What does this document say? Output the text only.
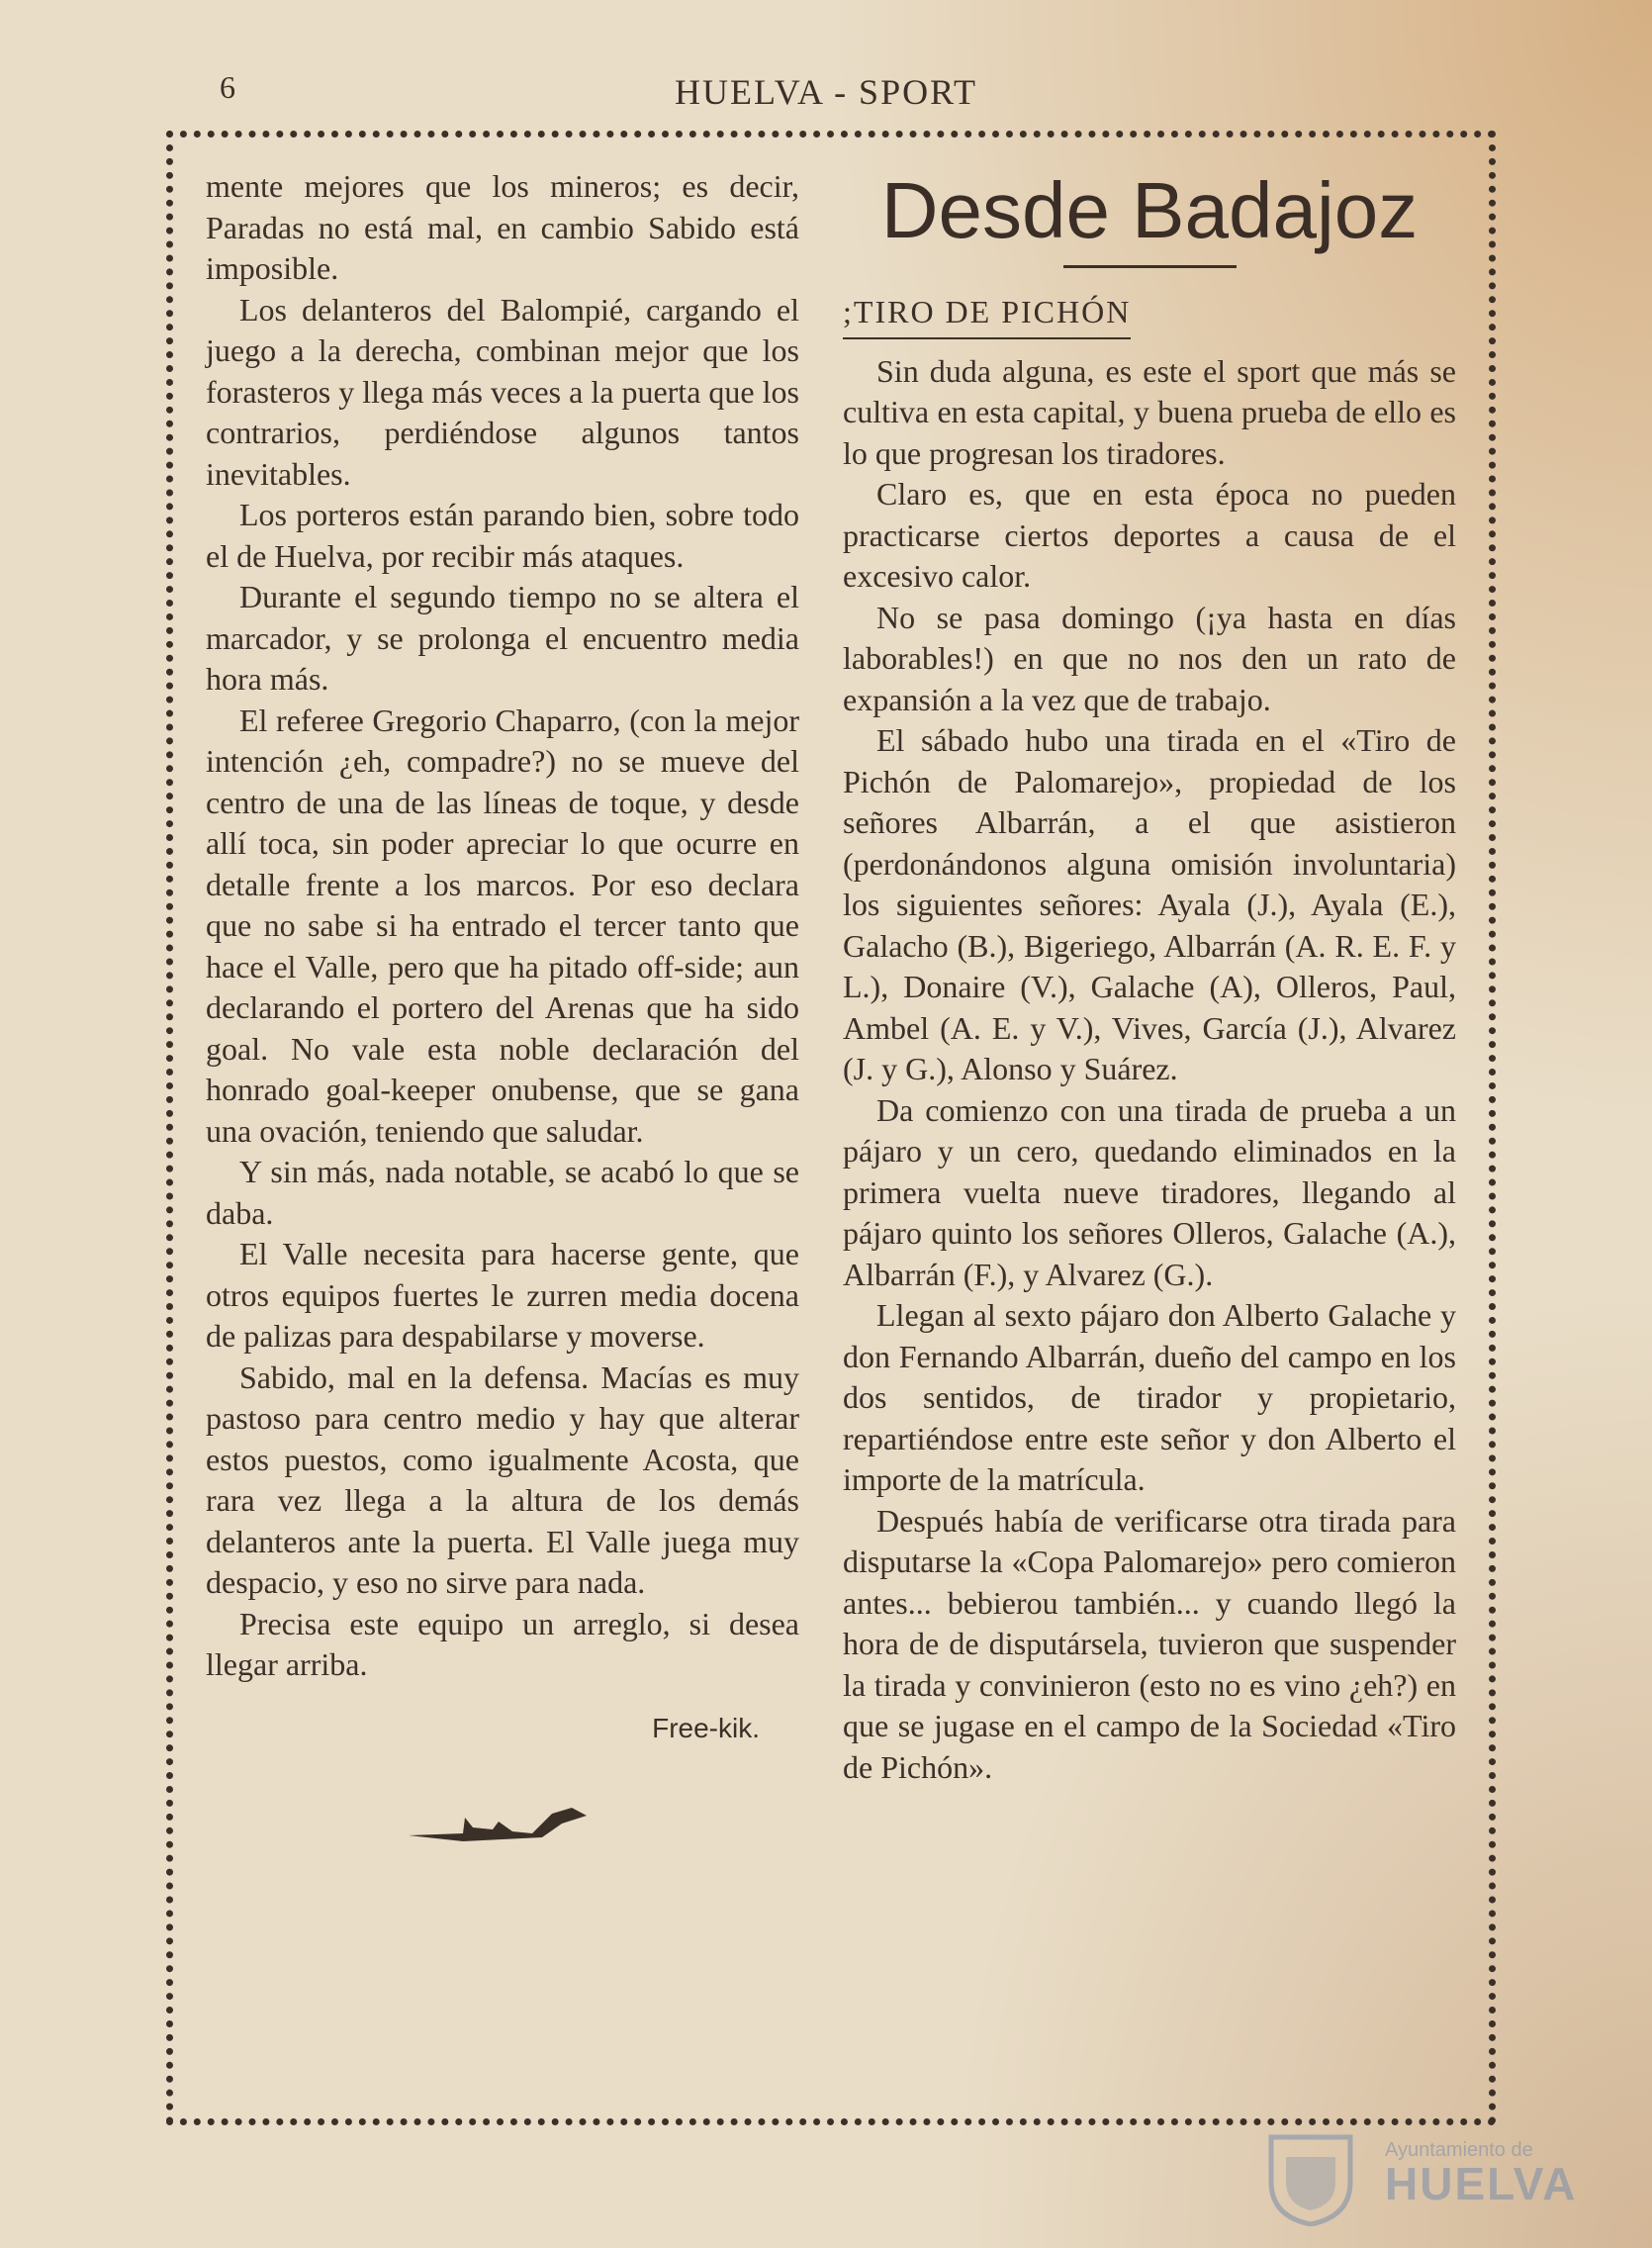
6	HUELVA - SPORT

mente mejores que los mineros; es decir, Paradas no está mal, en cambio Sabido está imposible.

Los delanteros del Balompié, cargando el juego a la derecha, combinan mejor que los forasteros y llega más veces a la puerta que los contrarios, perdiéndose algunos tantos inevitables.

Los porteros están parando bien, sobre todo el de Huelva, por recibir más ataques.

Durante el segundo tiempo no se altera el marcador, y se prolonga el encuentro media hora más.

El referee Gregorio Chaparro, (con la mejor intención ¿eh, compadre?) no se mueve del centro de una de las líneas de toque, y desde allí toca, sin poder apreciar lo que ocurre en detalle frente a los marcos. Por eso declara que no sabe si ha entrado el tercer tanto que hace el Valle, pero que ha pitado off-side; aun declarando el portero del Arenas que ha sido goal. No vale esta noble declaración del honrado goal-keeper onubense, que se gana una ovación, teniendo que saludar.

Y sin más, nada notable, se acabó lo que se daba.

El Valle necesita para hacerse gente, que otros equipos fuertes le zurren media docena de palizas para despabilarse y moverse.

Sabido, mal en la defensa. Macías es muy pastoso para centro medio y hay que alterar estos puestos, como igualmente Acosta, que rara vez llega a la altura de los demás delanteros ante la puerta. El Valle juega muy despacio, y eso no sirve para nada.

Precisa este equipo un arreglo, si desea llegar arriba.

Free-kik.
Desde Badajoz
;TIRO DE PICHÓN

Sin duda alguna, es este el sport que más se cultiva en esta capital, y buena prueba de ello es lo que progresan los tiradores.

Claro es, que en esta época no pueden practicarse ciertos deportes a causa de el excesivo calor.

No se pasa domingo (¡ya hasta en días laborables!) en que no nos den un rato de expansión a la vez que de trabajo.

El sábado hubo una tirada en el «Tiro de Pichón de Palomarejo», propiedad de los señores Albarrán, a el que asistieron (perdonándonos alguna omisión involuntaria) los siguientes señores: Ayala (J.), Ayala (E.), Galacho (B.), Bigeriego, Albarrán (A. R. E. F. y L.), Donaire (V.), Galache (A), Olleros, Paul, Ambel (A. E. y V.), Vives, García (J.), Alvarez (J. y G.), Alonso y Suárez.

Da comienzo con una tirada de prueba a un pájaro y un cero, quedando eliminados en la primera vuelta nueve tiradores, llegando al pájaro quinto los señores Olleros, Galache (A.), Albarrán (F.), y Alvarez (G.).

Llegan al sexto pájaro don Alberto Galache y don Fernando Albarrán, dueño del campo en los dos sentidos, de tirador y propietario, repartiéndose entre este señor y don Alberto el importe de la matrícula.

Después había de verificarse otra tirada para disputarse la «Copa Palomarejo» pero comieron antes... bebierou también... y cuando llegó la hora de de disputársela, tuvieron que suspender la tirada y convinieron (esto no es vino ¿eh?) en que se jugase en el campo de la Sociedad «Tiro de Pichón».

Ayuntamiento de
HUELVA
